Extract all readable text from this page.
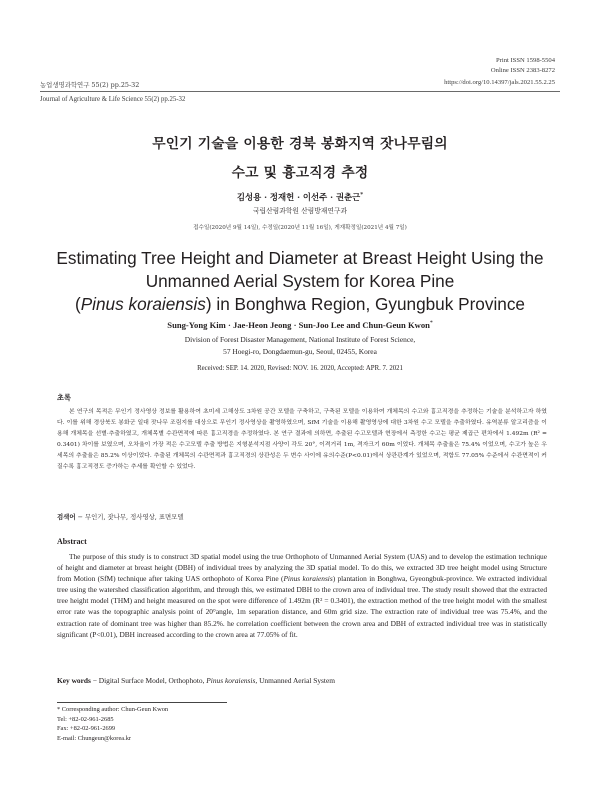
Print ISSN 1598-5504
Online ISSN 2383-8272
https://doi.org/10.14397/jals.2021.55.2.25
농업생명과학연구 55(2) pp.25-32
Journal of Agriculture & Life Science 55(2) pp.25-32
무인기 기술을 이용한 경북 봉화지역 잣나무림의
수고 및 흉고직경 추정
김성용 · 정재헌 · 이선주 · 권춘근*
국립산림과학원 산림방재연구과
접수일(2020년 9월 14일), 수정일(2020년 11월 16일), 게재확정일(2021년 4월 7일)
Estimating Tree Height and Diameter at Breast Height Using the
Unmanned Aerial System for Korea Pine
(Pinus koraiensis) in Bonghwa Region, Gyungbuk Province
Sung-Yong Kim · Jae-Heon Jeong · Sun-Joo Lee and Chun-Geun Kwon*
Division of Forest Disaster Management, National Institute of Forest Science,
57 Hoegi-ro, Dongdaemun-gu, Seoul, 02455, Korea
Received: SEP. 14. 2020, Revised: NOV. 16. 2020, Accepted: APR. 7. 2021
초록
본 연구의 목적은 무인기 정사영상 정보를 활용하여 초미세 고해상도 3차원 공간 모델을 구축하고, 구축된 모델을 이용하여 개체목의 수고와 흉고직경을 추정하는 기술을 분석하고자 하였다. 이를 위해 경상북도 봉화군 일대 잣나무 조림지를 대상으로 무인기 정사영상을 촬영하였으며, SfM 기술을 이용해 촬영영상에 대한 3차원 수고 모델을 추출하였다. 유역분류 알고리즘을 이용해 개체목을 선별·추출하였고, 개체목별 수관면적에 따른 흉고직경을 추정하였다. 본 연구 결과에 의하면, 추출된 수고모델과 현장에서 측정한 수고는 평균 제곱근 편차에서 1.492m (R² = 0.3401) 차이를 보였으며, 오차율이 가장 적은 수고모델 추출 방법은 지형분석지점 사양이 각도 20°, 이격거리 1m, 격자크기 60m 이었다. 개체목 추출율은 75.4% 이었으며, 수고가 높은 우세목의 추출율은 85.2% 이상이었다. 추출된 개체목의 수관면적과 흉고직경의 상관성은 두 변수 사이에 유의수준(P<0.01)에서 상관관계가 있었으며, 적합도 77.05% 수준에서 수관면적이 커질수록 흉고직경도 증가하는 추세를 확인할 수 있었다.
검색어 − 무인기, 잣나무, 정사영상, 표면모델
Abstract
The purpose of this study is to construct 3D spatial model using the true Orthophoto of Unmanned Aerial System (UAS) and to develop the estimation technique of height and diameter at breast height (DBH) of individual trees by analyzing the 3D spatial model. To do this, we extracted 3D tree height model using Structure from Motion (SfM) technique after taking UAS orthophoto of Korea Pine (Pinus koraiensis) plantation in Bonghwa, Gyeongbuk-province. We extracted individual tree using the watershed classification algorithm, and through this, we estimated DBH to the crown area of individual tree. The study result showed that the extracted tree height model (THM) and height measured on the spot were difference of 1.492m (R² = 0.3401), the extraction method of the tree height model with the smallest error rate was the topographic analysis point of 20°angle, 1m separation distance, and 60m grid size. The extraction rate of individual tree was 75.4%, and the extraction rate of dominant tree was higher than 85.2%. he correlation coefficient between the crown area and DBH of extracted individual tree was in statistically significant (P<0.01), DBH increased according to the crown area at 77.05% of fit.
Key words − Digital Surface Model, Orthophoto, Pinus koraiensis, Unmanned Aerial System
* Corresponding author: Chun-Geun Kwon
Tel: +82-02-961-2685
Fax: +82-02-961-2699
E-mail: Chungeun@korea.kr
